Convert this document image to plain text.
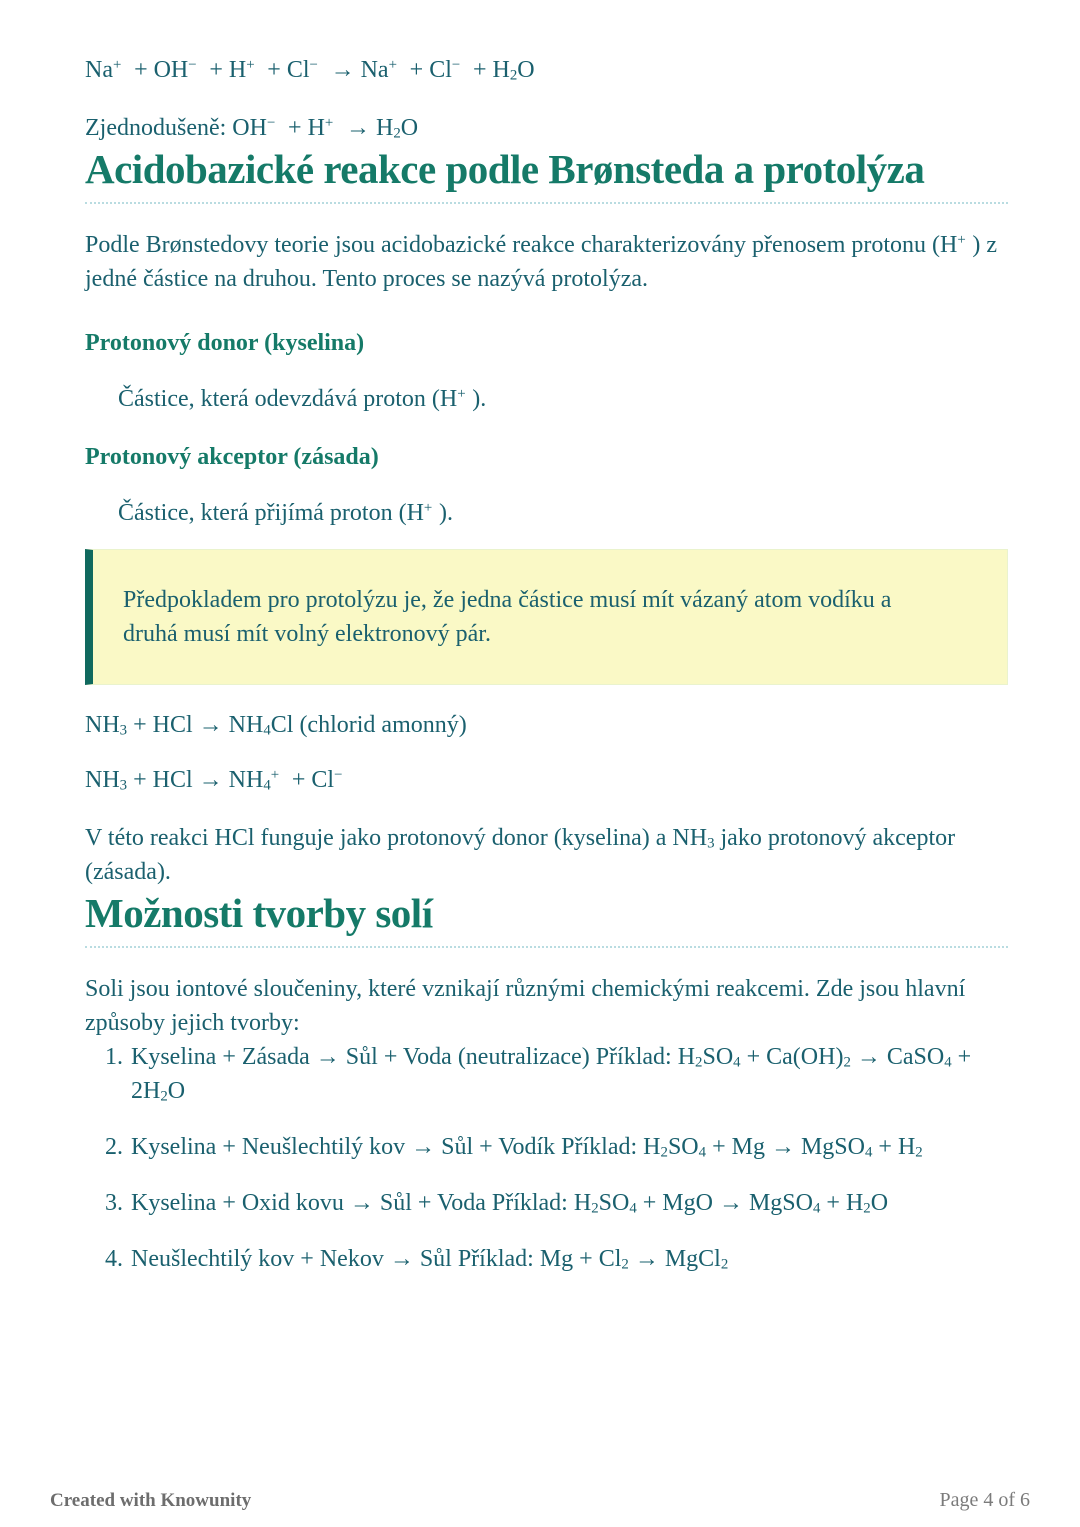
$Na^+ + OH^- + H^+ + Cl^- \to Na^+ + Cl^- + H_2O$

Zjednodušeně: $OH^- + H^+ \to H_2O$

Acidobazické reakce podle Brønsteda a protolýza

Podle Brønstedovy teorie jsou acidobazické reakce charakterizovány přenosem protonu (H+ ) z jedné částice na druhou. Tento proces se nazývá protolýza.

Protonový donor (kyselina)

Částice, která odevzdává proton (H+ ).

Protonový akceptor (zásada)

Částice, která přijímá proton (H+ ).

Předpokladem pro protolýzu je, že jedna částice musí mít vázaný atom vodíku a druhá musí mít volný elektronový pár.

$NH_3$ + HCl → $NH_4Cl$ (chlorid amonný)

$NH_3$ + HCl → $NH_4^+ + Cl^-$

V této reakci HCl funguje jako protonový donor (kyselina) a $NH_3$ jako protonový akceptor (zásada).

Možnosti tvorby solí

Soli jsou iontové sloučeniny, které vznikají různými chemickými reakcemi. Zde jsou hlavní způsoby jejich tvorby:

1. Kyselina + Zásada → Sůl + Voda (neutralizace) Příklad: $H_2SO_4 + Ca(OH)_2$ → CaSO$_4$ + $2H_2O$
2. Kyselina + Neušlechtilý kov → Sůl + Vodík Příklad: $H_2SO_4 + Mg$ → MgSO$_4$ + $H_2$
3. Kyselina + Oxid kovu → Sůl + Voda Příklad: $H_2SO_4$ + MgO → MgSO$_4$ + $H_2O$
4. Neušlechtilý kov + Nekov → Sůl Příklad: $Mg + Cl_2$ → MgCl$_2$
Created with Knowunity	Page 4 of 6
